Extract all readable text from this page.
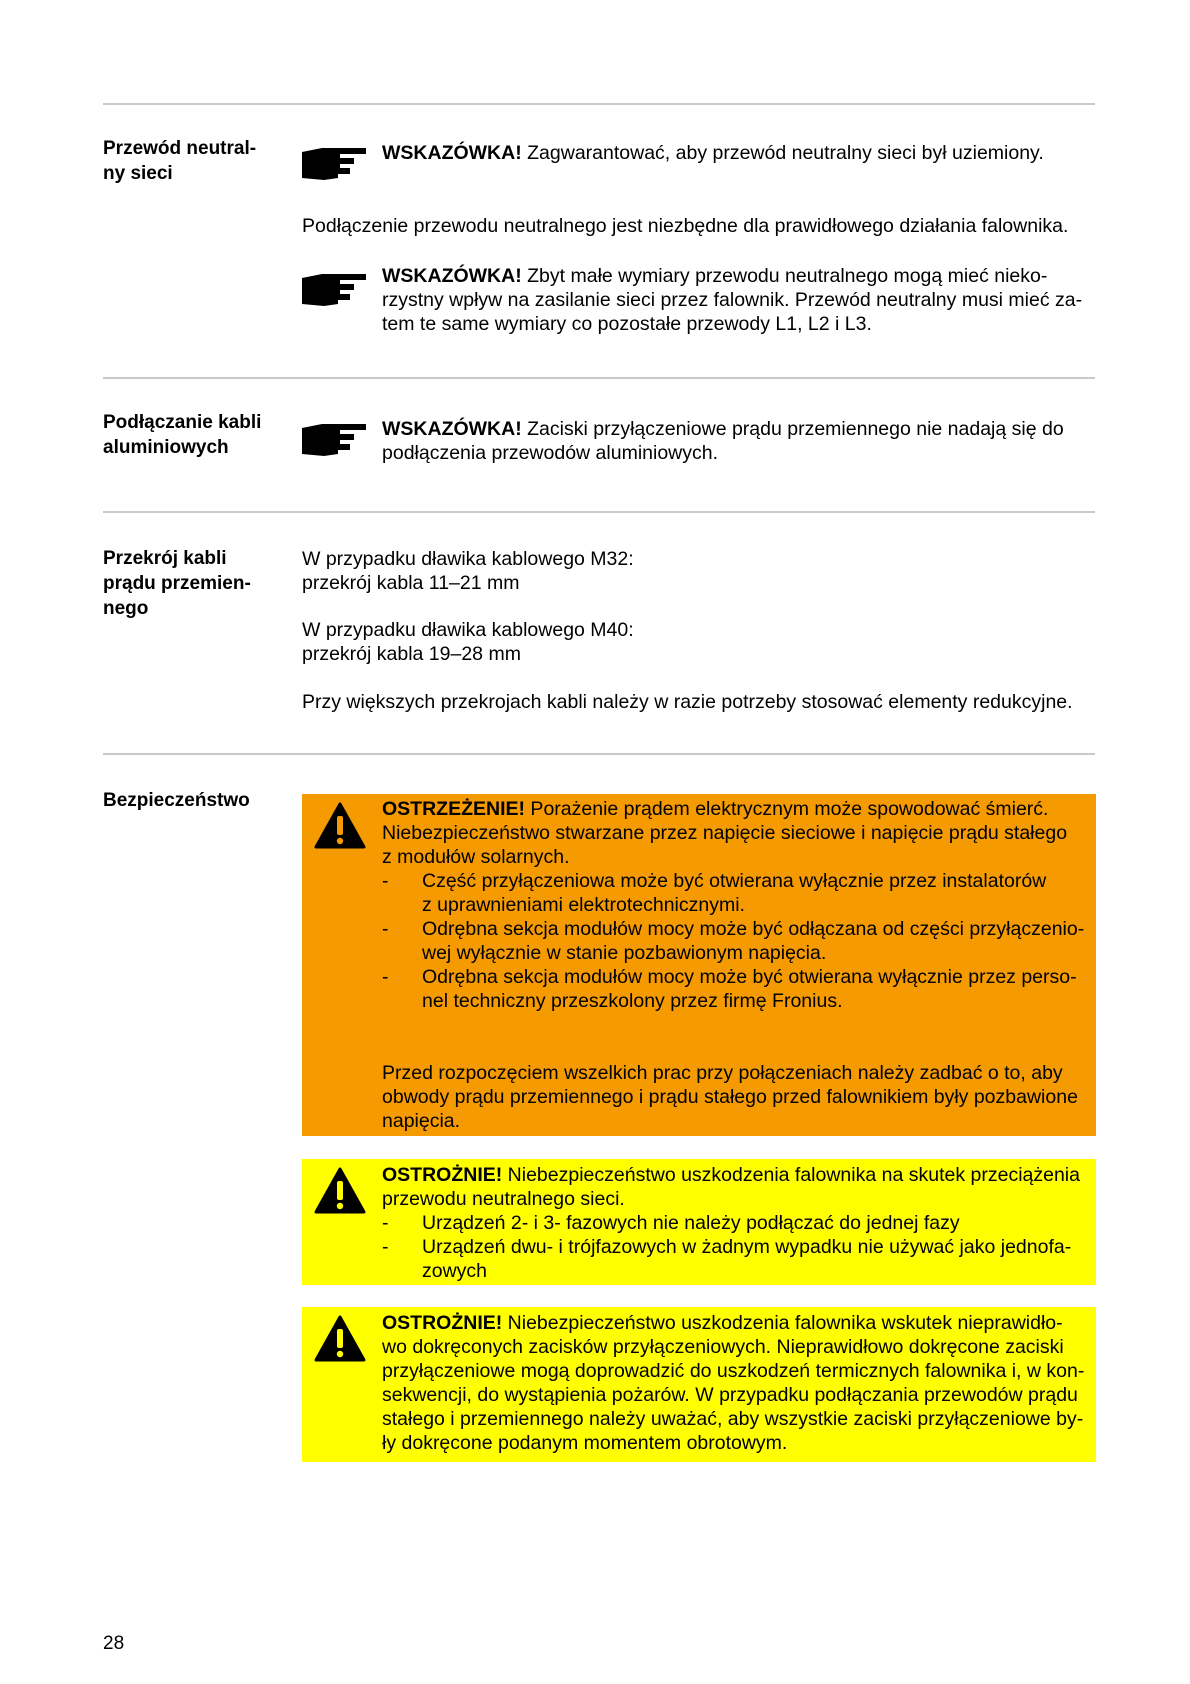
Przewód neutral-
ny sieci
WSKAZÓWKA! Zagwarantować, aby przewód neutralny sieci był uziemiony.
Podłączenie przewodu neutralnego jest niezbędne dla prawidłowego działania falownika.
WSKAZÓWKA! Zbyt małe wymiary przewodu neutralnego mogą mieć nieko-
rzystny wpływ na zasilanie sieci przez falownik. Przewód neutralny musi mieć za-
tem te same wymiary co pozostałe przewody L1, L2 i L3.
Podłączanie kabli
aluminiowych
WSKAZÓWKA! Zaciski przyłączeniowe prądu przemiennego nie nadają się do
podłączenia przewodów aluminiowych.
Przekrój kabli
prądu przemien-
nego
W przypadku dławika kablowego M32:
przekrój kabla 11–21 mm
W przypadku dławika kablowego M40:
przekrój kabla 19–28 mm
Przy większych przekrojach kabli należy w razie potrzeby stosować elementy redukcyjne.
Bezpieczeństwo	OSTRZEŻENIE! Porażenie prądem elektrycznym może spowodować śmierć.
Niebezpieczeństwo stwarzane przez napięcie sieciowe i napięcie prądu stałego
z modułów solarnych.
-	Część przyłączeniowa może być otwierana wyłącznie przez instalatorów
z uprawnieniami elektrotechnicznymi.
-	Odrębna sekcja modułów mocy może być odłączana od części przyłączenio-
wej wyłącznie w stanie pozbawionym napięcia.
-	Odrębna sekcja modułów mocy może być otwierana wyłącznie przez perso-
nel techniczny przeszkolony przez firmę Fronius.
Przed rozpoczęciem wszelkich prac przy połączeniach należy zadbać o to, aby
obwody prądu przemiennego i prądu stałego przed falownikiem były pozbawione
napięcia.
OSTROŻNIE! Niebezpieczeństwo uszkodzenia falownika na skutek przeciążenia
przewodu neutralnego sieci.
-	Urządzeń 2- i 3- fazowych nie należy podłączać do jednej fazy
-	Urządzeń dwu- i trójfazowych w żadnym wypadku nie używać jako jednofa-
zowych
OSTROŻNIE! Niebezpieczeństwo uszkodzenia falownika wskutek nieprawidło-
wo dokręconych zacisków przyłączeniowych. Nieprawidłowo dokręcone zaciski
przyłączeniowe mogą doprowadzić do uszkodzeń termicznych falownika i, w kon-
sekwencji, do wystąpienia pożarów. W przypadku podłączania przewodów prądu
stałego i przemiennego należy uważać, aby wszystkie zaciski przyłączeniowe by-
ły dokręcone podanym momentem obrotowym.
28
